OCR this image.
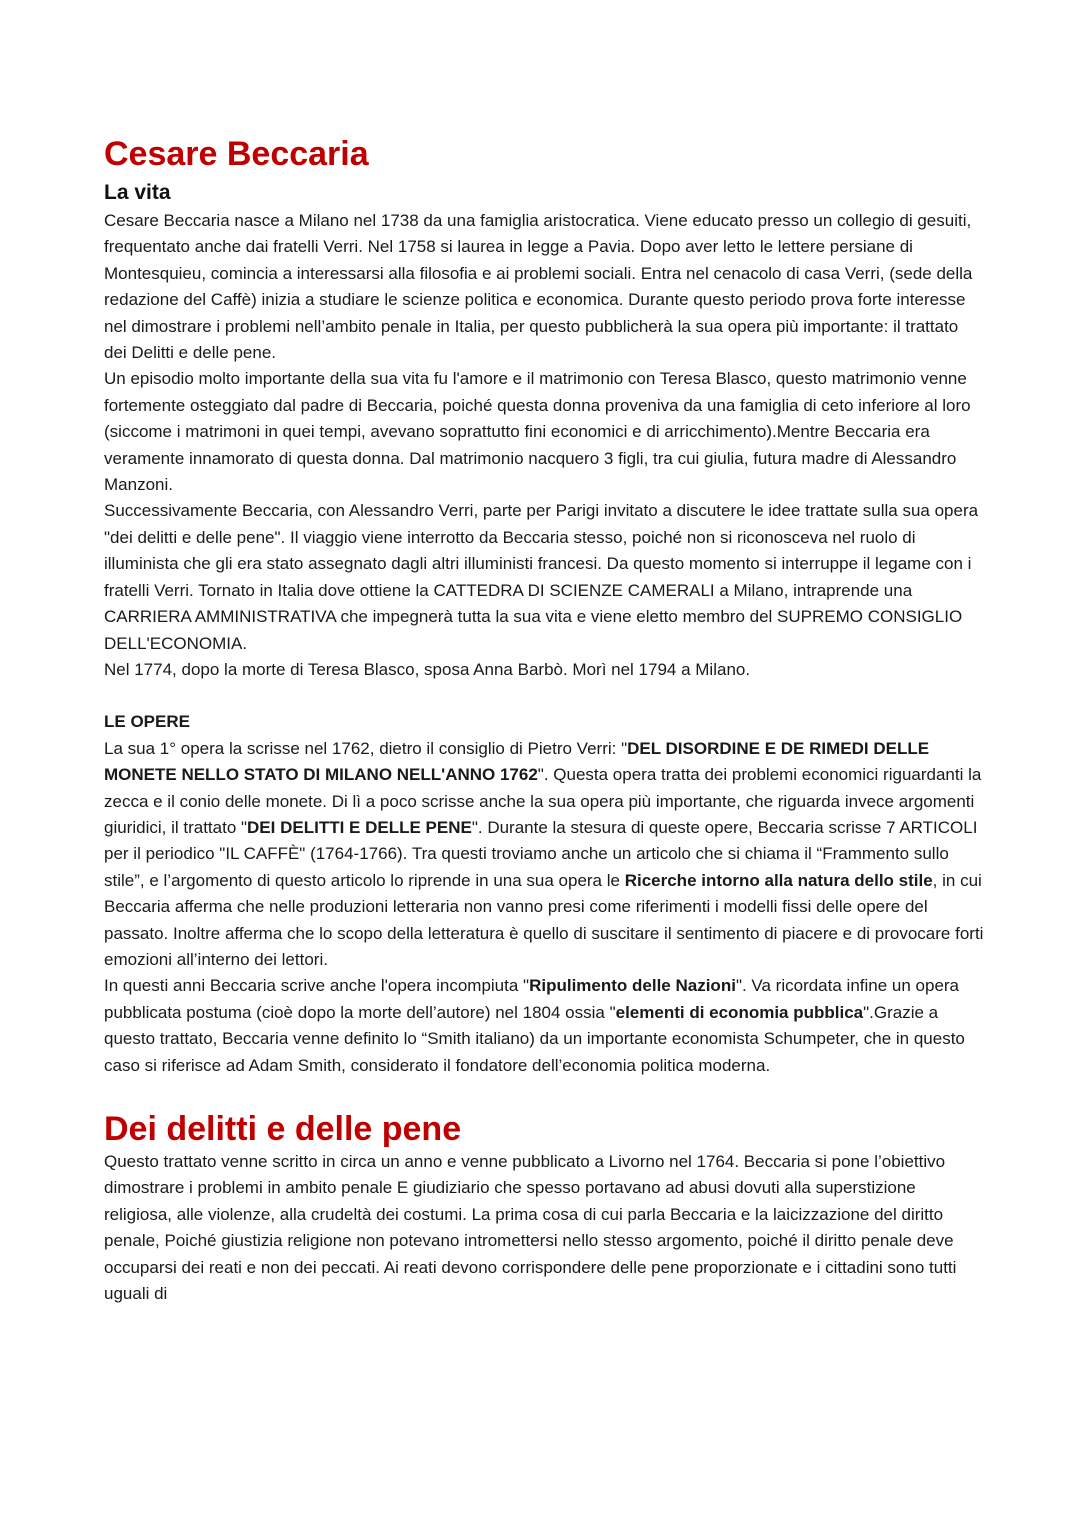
Cesare Beccaria
La vita

Cesare Beccaria nasce a Milano nel 1738 da una famiglia aristocratica. Viene educato presso un collegio di gesuiti, frequentato anche dai fratelli Verri. Nel 1758 si laurea in legge a Pavia. Dopo aver letto le lettere persiane di Montesquieu, comincia a interessarsi alla filosofia e ai problemi sociali. Entra nel cenacolo di casa Verri, (sede della redazione del Caffè) inizia a studiare le scienze politica e economica. Durante questo periodo prova forte interesse nel dimostrare i problemi nell’ambito penale in Italia, per questo pubblicherà la sua opera più importante: il trattato dei Delitti e delle pene.

Un episodio molto importante della sua vita fu l'amore e il matrimonio con Teresa Blasco, questo matrimonio venne fortemente osteggiato dal padre di Beccaria, poiché questa donna proveniva da una famiglia di ceto inferiore al loro (siccome i matrimoni in quei tempi, avevano soprattutto fini economici e di arricchimento).Mentre Beccaria era veramente innamorato di questa donna. Dal matrimonio nacquero 3 figli, tra cui giulia, futura madre di Alessandro Manzoni.

Successivamente Beccaria, con Alessandro Verri, parte per Parigi invitato a discutere le idee trattate sulla sua opera "dei delitti e delle pene". Il viaggio viene interrotto da Beccaria stesso, poiché non si riconosceva nel ruolo di illuminista che gli era stato assegnato dagli altri illuministi francesi. Da questo momento si interruppe il legame con i fratelli Verri. Tornato in Italia dove ottiene la CATTEDRA DI SCIENZE CAMERALI a Milano, intraprende una CARRIERA AMMINISTRATIVA che impegnerà tutta la sua vita e viene eletto membro del SUPREMO CONSIGLIO DELL'ECONOMIA.

Nel 1774, dopo la morte di Teresa Blasco, sposa Anna Barbò. Morì nel 1794 a Milano.

LE OPERE

La sua 1° opera la scrisse nel 1762, dietro il consiglio di Pietro Verri: "DEL DISORDINE E DE RIMEDI DELLE MONETE NELLO STATO DI MILANO NELL'ANNO 1762". Questa opera tratta dei problemi economici riguardanti la zecca e il conio delle monete. Di lì a poco scrisse anche la sua opera più importante, che riguarda invece argomenti giuridici, il trattato "DEI DELITTI E DELLE PENE". Durante la stesura di queste opere, Beccaria scrisse 7 ARTICOLI per il periodico "IL CAFFÈ" (1764-1766). Tra questi troviamo anche un articolo che si chiama il “Frammento sullo stile”, e l’argomento di questo articolo lo riprende in una sua opera le Ricerche intorno alla natura dello stile, in cui Beccaria afferma che nelle produzioni letteraria non vanno presi come riferimenti i modelli fissi delle opere del passato. Inoltre afferma che lo scopo della letteratura è quello di suscitare il sentimento di piacere e di provocare forti emozioni all’interno dei lettori.

In questi anni Beccaria scrive anche l'opera incompiuta "Ripulimento delle Nazioni". Va ricordata infine un opera pubblicata postuma (cioè dopo la morte dell’autore) nel 1804 ossia "elementi di economia pubblica".Grazie a questo trattato, Beccaria venne definito lo “Smith italiano) da un importante economista Schumpeter, che in questo caso si riferisce ad Adam Smith, considerato il fondatore dell’economia politica moderna.

Dei delitti e delle pene

Questo trattato venne scritto in circa un anno e venne pubblicato a Livorno nel 1764. Beccaria si pone l’obiettivo dimostrare i problemi in ambito penale E giudiziario che spesso portavano ad abusi dovuti alla superstizione religiosa, alle violenze, alla crudeltà dei costumi. La prima cosa di cui parla Beccaria e la laicizzazione del diritto penale, Poiché giustizia religione non potevano intromettersi nello stesso argomento, poiché il diritto penale deve occuparsi dei reati e non dei peccati. Ai reati devono corrispondere delle pene proporzionate e i cittadini sono tutti uguali di
